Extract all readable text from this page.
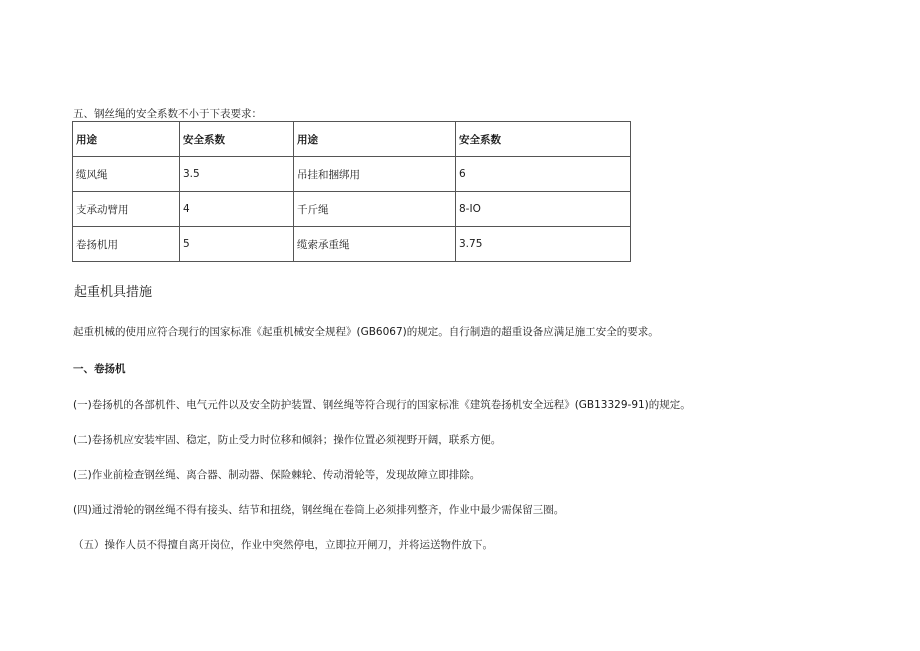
五、钢丝绳的安全系数不小于下表要求：
用途	安全系数	用途	安全系数
缆风绳	3.5	吊挂和捆绑用	6
支承动臂用	4	千斤绳	8-IO
卷扬机用	5	缆索承重绳	3.75
起重机具措施
起重机械的使用应符合现行的国家标准《起重机械安全规程》(GB6067)的规定。自行制造的超重设备应满足施工安全的要求。
一、卷扬机
(一)卷扬机的各部机件、电气元件以及安全防护装置、钢丝绳等符合现行的国家标准《建筑卷扬机安全远程》(GB13329-91)的规定。
(二)卷扬机应安装牢固、稳定，防止受力时位移和倾斜；操作位置必须视野开阔，联系方便。
(三)作业前检查钢丝绳、离合器、制动器、保险棘轮、传动滑轮等，发现故障立即排除。
(四)通过滑轮的钢丝绳不得有接头、结节和扭绕，钢丝绳在卷筒上必须排列整齐，作业中最少需保留三圈。
（五）操作人员不得擅自离开岗位，作业中突然停电，立即拉开闸刀，并将运送物件放下。
